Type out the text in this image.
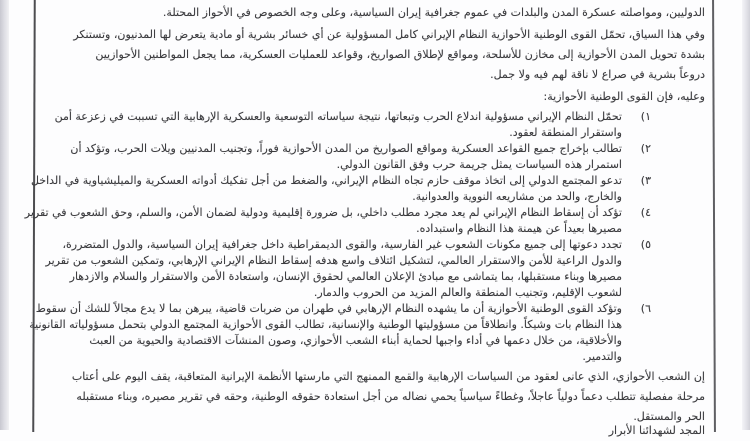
الدوليين، ومواصلته عسكرة المدن والبلدات في عموم جغرافية إيران السياسية، وعلى وجه الخصوص في الأحواز المحتلة.
وفي هذا السياق، تحمّل القوى الوطنية الأحوازية النظام الإيراني كامل المسؤولية عن أي خسائر بشرية أو مادية يتعرض لها المدنيون، وتستنكر
بشدة تحويل المدن الأحوازية إلى مخازن للأسلحة، ومواقع لإطلاق الصواريخ، وقواعد للعمليات العسكرية، مما يجعل المواطنين الأحوازيين
دروعاً بشرية في صراع لا ناقة لهم فيه ولا جمل.
وعليه، فإن القوى الوطنية الأحوازية:
١)
تحمّل النظام الإيراني مسؤولية اندلاع الحرب وتبعاتها، نتيجة سياساته التوسعية والعسكرية الإرهابية التي تسببت في زعزعة أمن
واستقرار المنطقة لعقود.
٢)
تطالب بإخراج جميع القواعد العسكرية ومواقع الصواريخ من المدن الأحوازية فوراً، وتجنيب المدنيين ويلات الحرب، وتؤكد أن
استمرار هذه السياسات يمثل جريمة حرب وفق القانون الدولي.
٣)
تدعو المجتمع الدولي إلى اتخاذ موقف حازم تجاه النظام الإيراني، والضغط من أجل تفكيك أدواته العسكرية والميليشياوية في الداخل
والخارج، والحد من مشاريعه النووية والعدوانية.
٤)
تؤكد أن إسقاط النظام الإيراني لم يعد مجرد مطلب داخلي، بل ضرورة إقليمية ودولية لضمان الأمن، والسلم، وحق الشعوب في تقرير
مصيرها بعيداً عن هيمنة هذا النظام واستبداده.
٥)
تجدد دعوتها إلى جميع مكونات الشعوب غير الفارسية، والقوى الديمقراطية داخل جغرافية إيران السياسية، والدول المتضررة،
والدول الراعية للأمن والاستقرار العالمي، لتشكيل ائتلاف واسع هدفه إسقاط النظام الإيراني الإرهابي، وتمكين الشعوب من تقرير
مصيرها وبناء مستقبلها، بما يتماشى مع مبادئ الإعلان العالمي لحقوق الإنسان، واستعادة الأمن والاستقرار والسلام والازدهار
لشعوب الإقليم، وتجنيب المنطقة والعالم المزيد من الحروب والدمار.
٦)
وتؤكد القوى الوطنية الأحوازية أن ما يشهده النظام الإرهابي في طهران من ضربات قاضية، يبرهن بما لا يدع مجالاً للشك أن سقوط
هذا النظام بات وشيكاً. وانطلاقاً من مسؤوليتها الوطنية والإنسانية، تطالب القوى الأحوازية المجتمع الدولي بتحمل مسؤولياته القانونية
والأخلاقية، من خلال دعمها في أداء واجبها لحماية أبناء الشعب الأحوازي، وصون المنشآت الاقتصادية والحيوية من العبث
والتدمير.
إن الشعب الأحوازي، الذي عانى لعقود من السياسات الإرهابية والقمع الممنهج التي مارستها الأنظمة الإيرانية المتعاقبة، يقف اليوم على أعتاب
مرحلة مفصلية تتطلب دعماً دولياً عاجلاً، وغطاءً سياسياً يحمي نضاله من أجل استعادة حقوقه الوطنية، وحقه في تقرير مصيره، وبناء مستقبله
الحر والمستقل.
المجد لشهدائنا الأبرار
